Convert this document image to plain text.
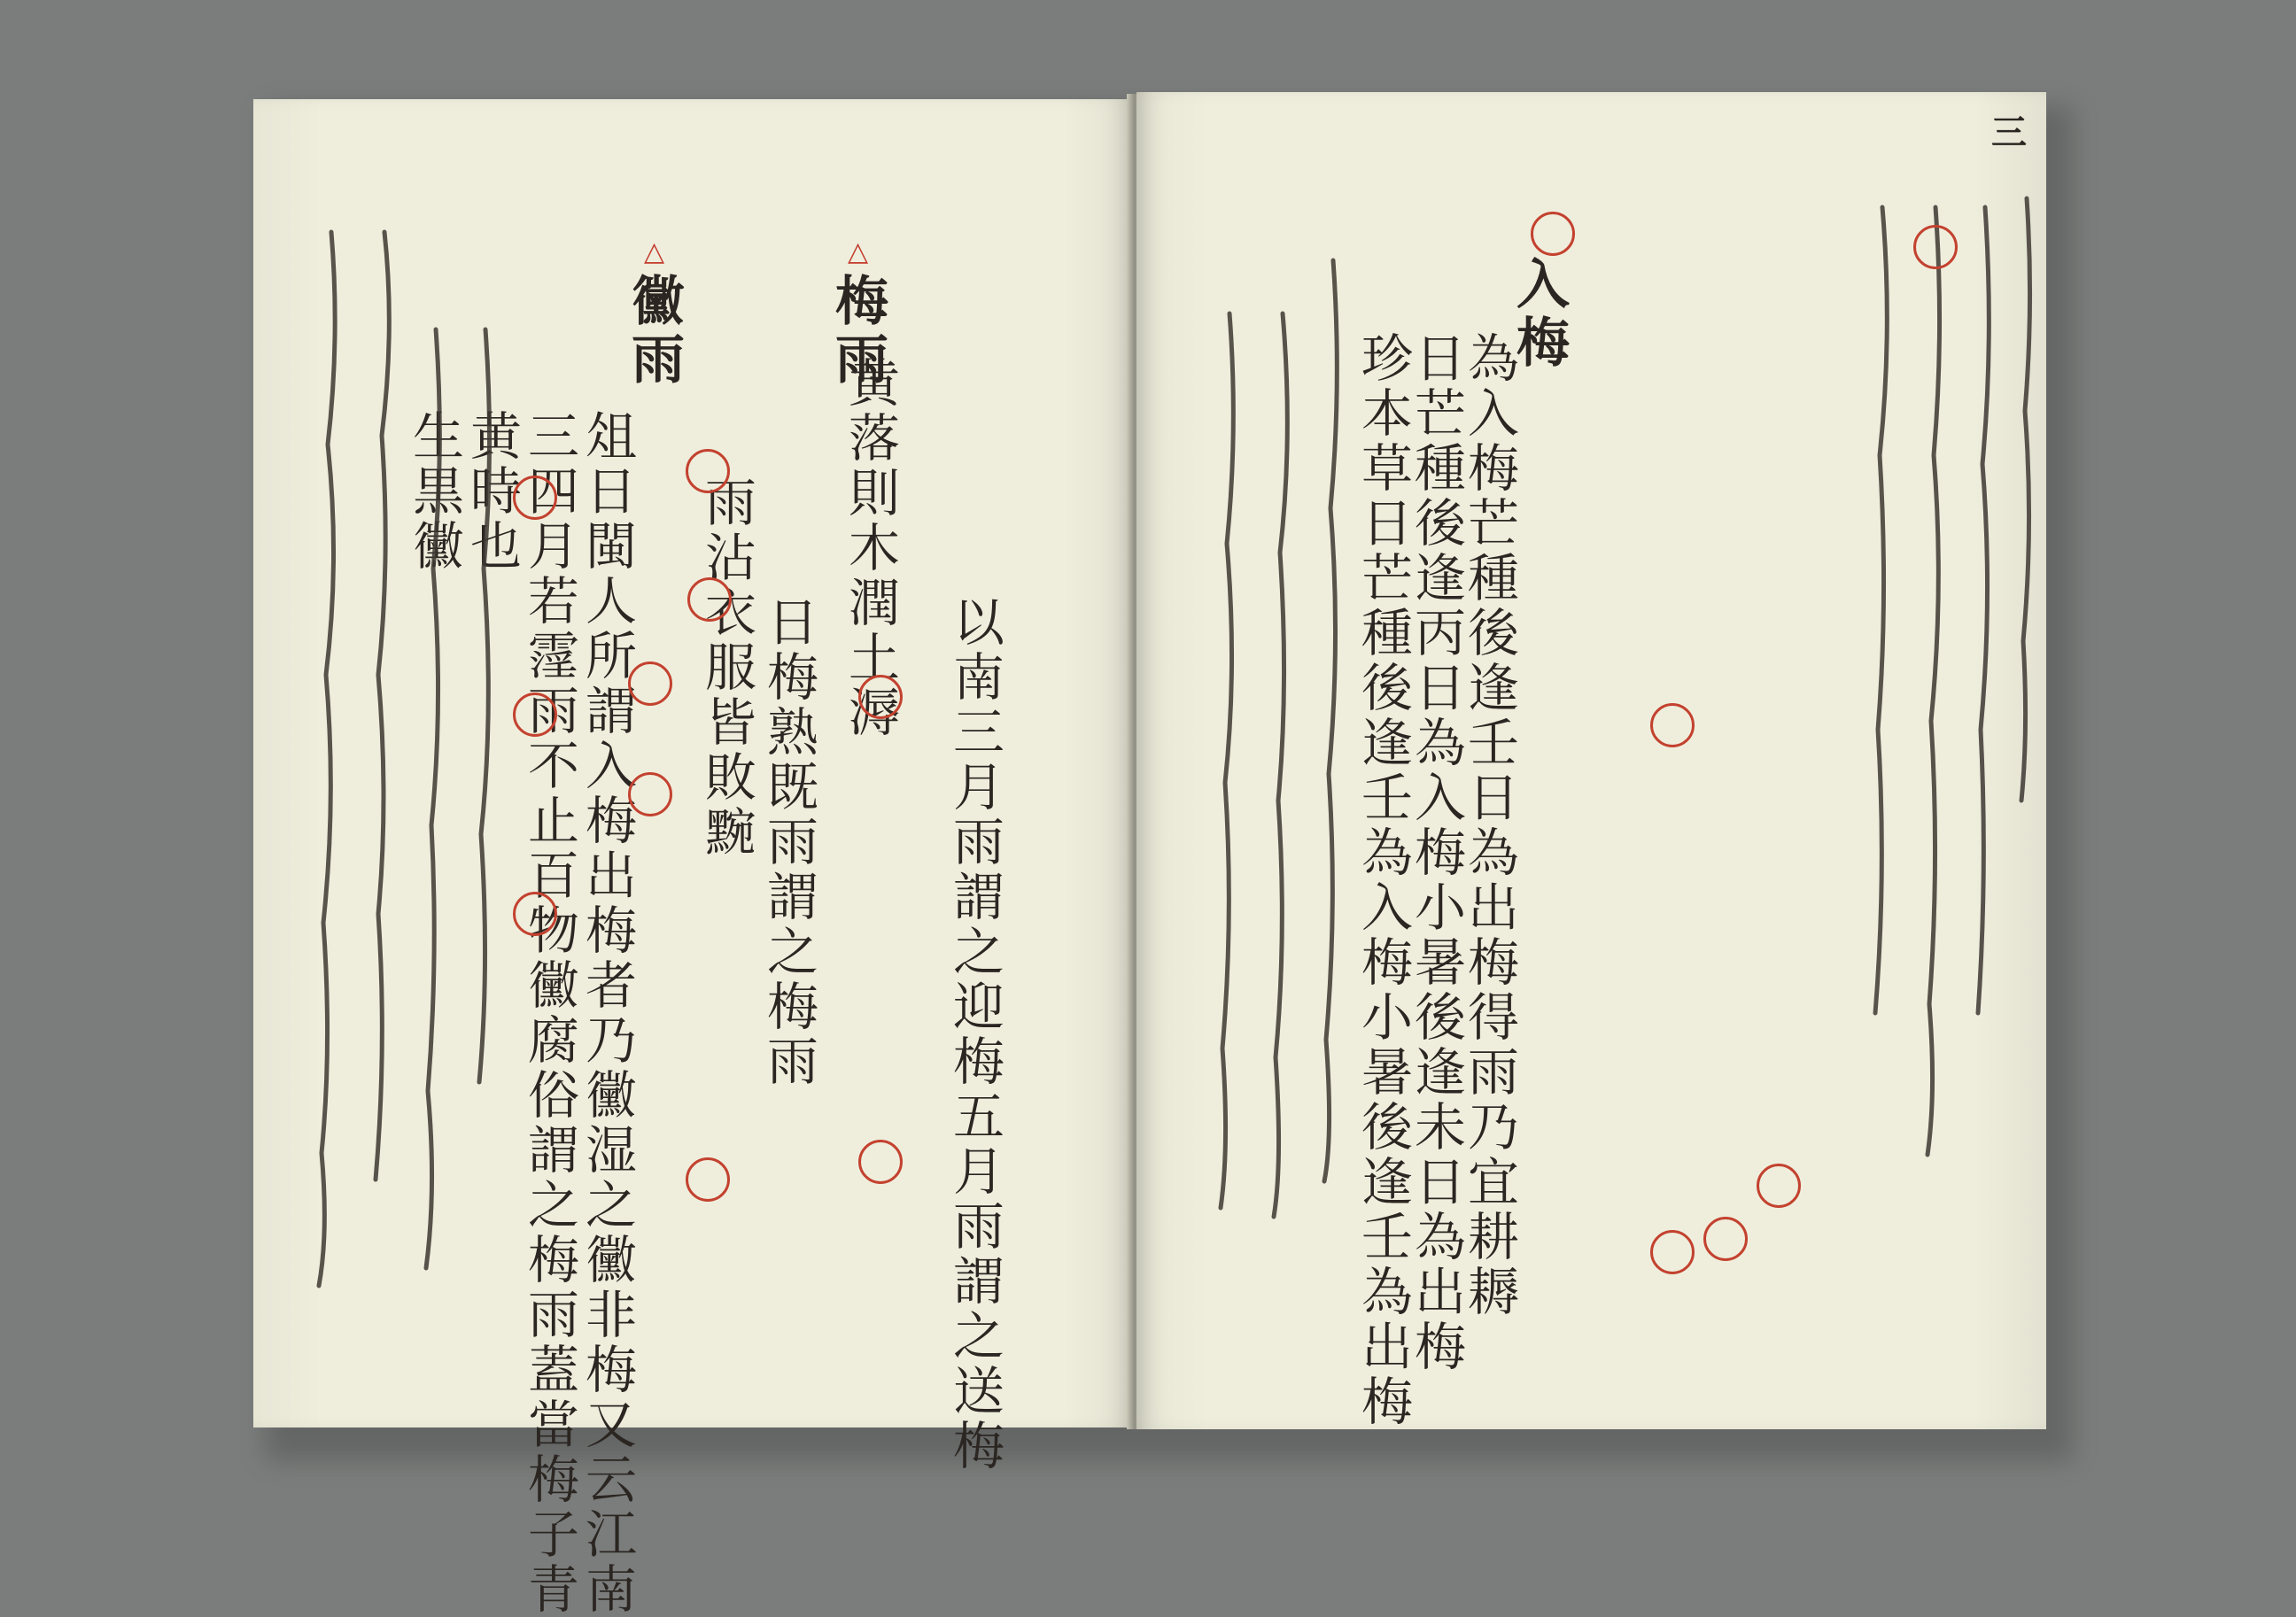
△梅雨
黄落則木潤土溽
以南三月雨謂之迎梅五月雨謂之送梅
日梅熟既雨謂之梅雨
雨沾衣服皆敗黦
△黴雨
俎日閩人所謂入梅出梅者乃黴湿之黴非梅又云江南
三四月若霪雨不止百物黴腐俗謂之梅雨蓋當梅子青
黄時也
生黒黴
三
入梅
為入梅芒種後逢壬日為出梅得雨乃宜耕耨
日芒種後逢丙日為入梅小暑後逢未日為出梅
珍本草日芒種後逢壬為入梅小暑後逢壬為出梅
